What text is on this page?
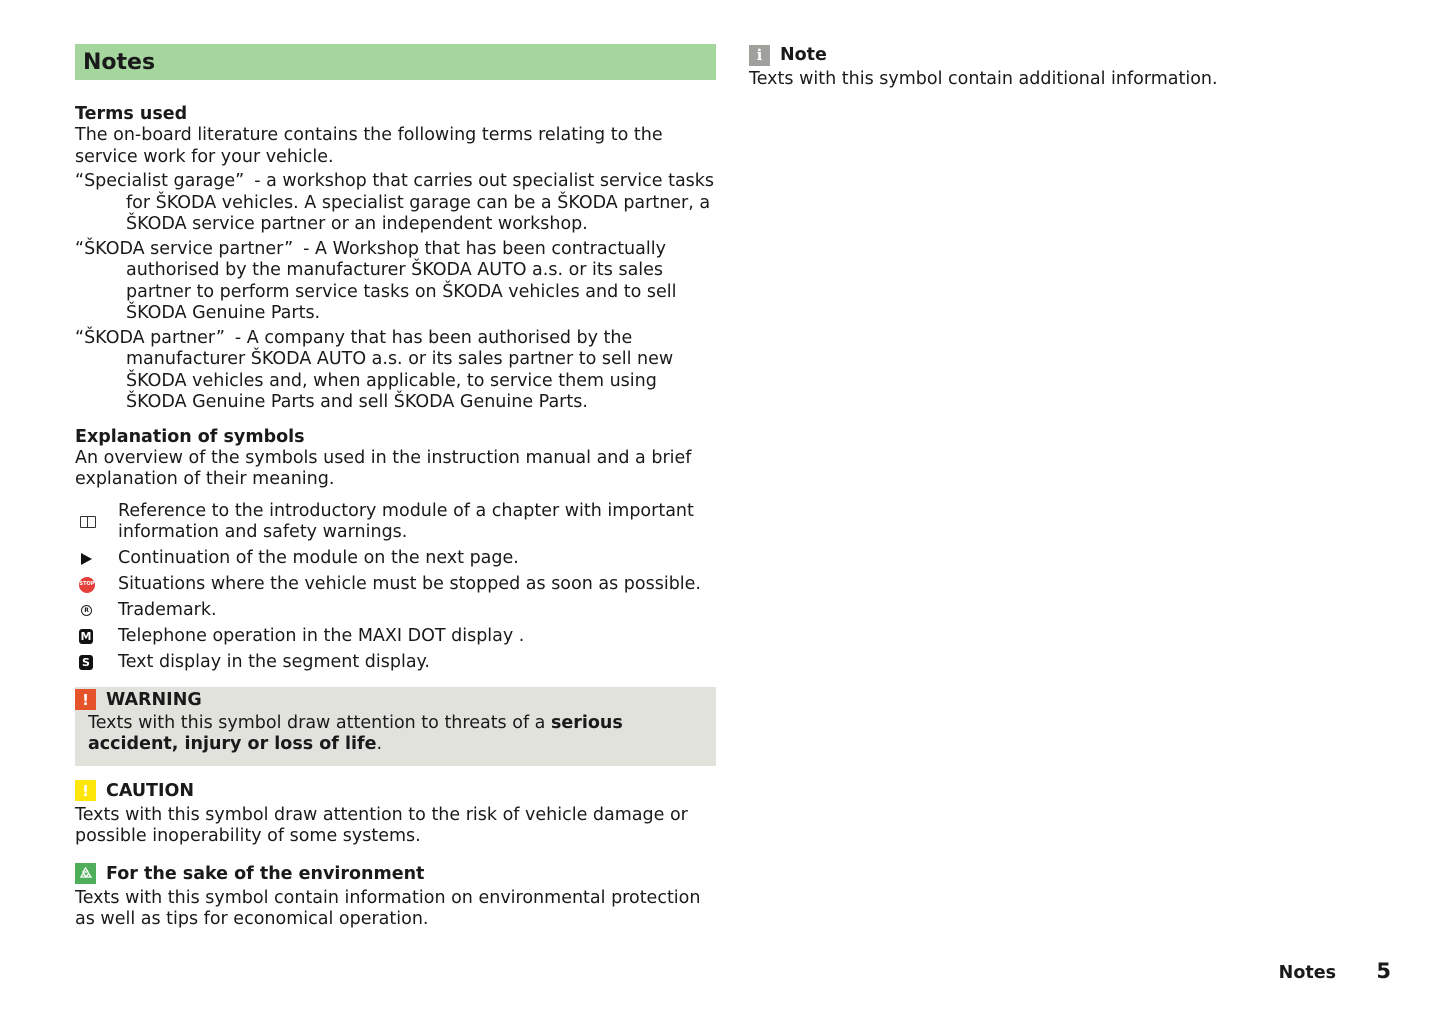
Notes
Terms used

The on-board literature contains the following terms relating to the service work for your vehicle.

“Specialist garage” - a workshop that carries out specialist service tasks for ŠKODA vehicles. A specialist garage can be a ŠKODA partner, a ŠKODA service partner or an independent workshop.
“ŠKODA service partner” - A Workshop that has been contractually authorised by the manufacturer ŠKODA AUTO a.s. or its sales partner to perform service tasks on ŠKODA vehicles and to sell ŠKODA Genuine Parts.
“ŠKODA partner” - A company that has been authorised by the manufacturer ŠKODA AUTO a.s. or its sales partner to sell new ŠKODA vehicles and, when applicable, to service them using ŠKODA Genuine Parts and sell ŠKODA Genuine Parts.
Explanation of symbols

An overview of the symbols used in the instruction manual and a brief explanation of their meaning.

Reference to the introductory module of a chapter with important information and safety warnings.
Continuation of the module on the next page.
STOP Situations where the vehicle must be stopped as soon as possible.
R Trademark.
M Telephone operation in the MAXI DOT display .
S Text display in the segment display.
! WARNING
Texts with this symbol draw attention to threats of a serious accident, injury or loss of life.
! CAUTION

Texts with this symbol draw attention to the risk of vehicle damage or possible inoperability of some systems.

For the sake of the environment

Texts with this symbol contain information on environmental protection as well as tips for economical operation.

i	Note

Texts with this symbol contain additional information.

Notes 5
